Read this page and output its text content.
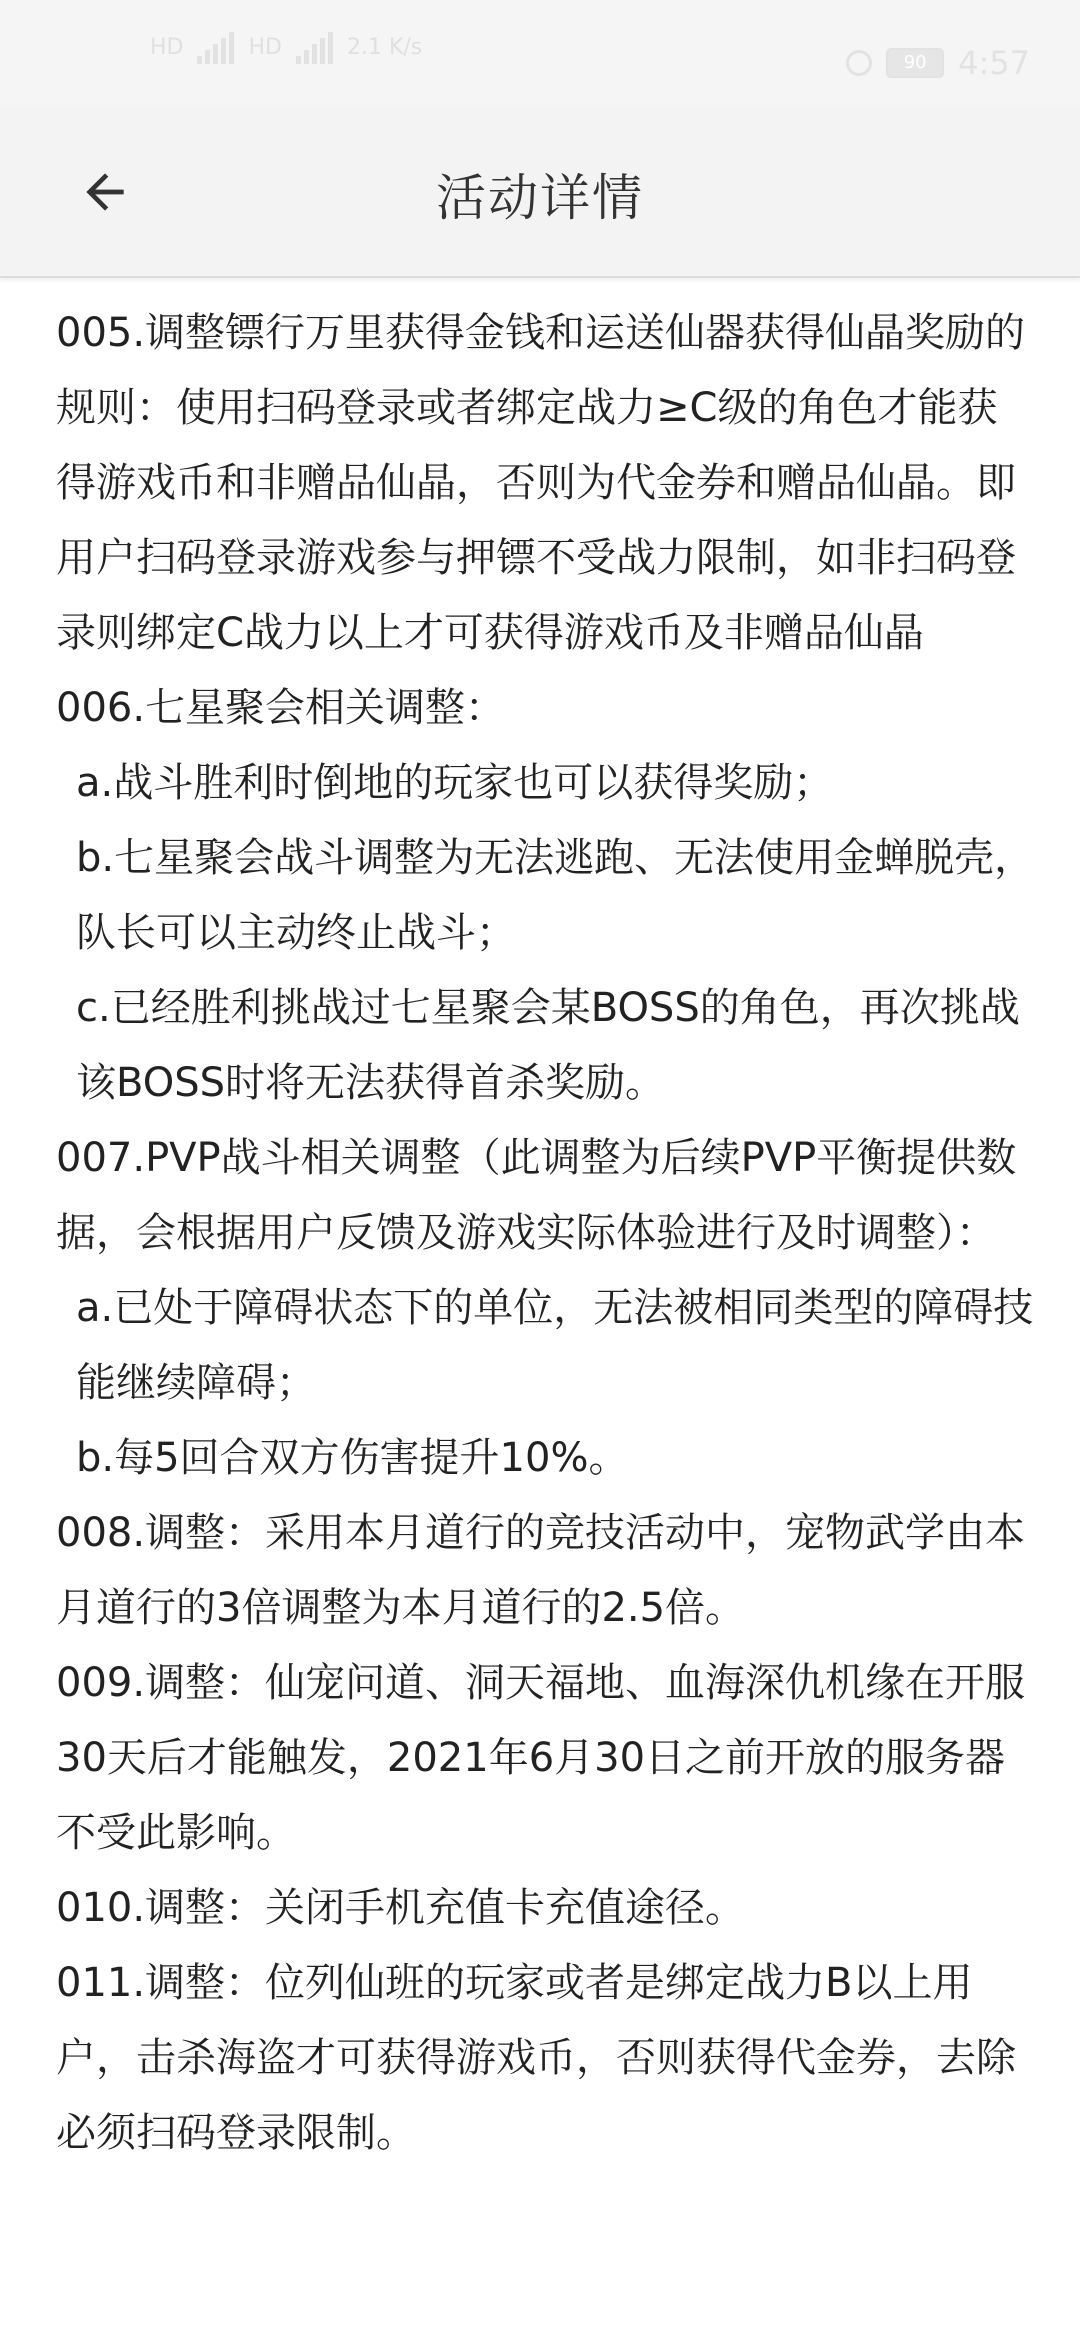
HD	HD	2.1 K/s
90 4:57
活动详情

005.调整镖行万里获得金钱和运送仙器获得仙晶奖励的规则：使用扫码登录或者绑定战力≥C级的角色才能获得游戏币和非赠品仙晶，否则为代金券和赠品仙晶。即用户扫码登录游戏参与押镖不受战力限制，如非扫码登录则绑定C战力以上才可获得游戏币及非赠品仙晶

006.七星聚会相关调整：

a.战斗胜利时倒地的玩家也可以获得奖励；

b.七星聚会战斗调整为无法逃跑、无法使用金蝉脱壳，队长可以主动终止战斗；

c.已经胜利挑战过七星聚会某BOSS的角色，再次挑战该BOSS时将无法获得首杀奖励。

007.PVP战斗相关调整（此调整为后续PVP平衡提供数据，会根据用户反馈及游戏实际体验进行及时调整）：

a.已处于障碍状态下的单位，无法被相同类型的障碍技能继续障碍；

b.每5回合双方伤害提升10%。

008.调整：采用本月道行的竞技活动中，宠物武学由本月道行的3倍调整为本月道行的2.5倍。

009.调整：仙宠问道、洞天福地、血海深仇机缘在开服30天后才能触发，2021年6月30日之前开放的服务器不受此影响。

010.调整：关闭手机充值卡充值途径。

011.调整：位列仙班的玩家或者是绑定战力B以上用户，击杀海盗才可获得游戏币，否则获得代金券，去除必须扫码登录限制。
